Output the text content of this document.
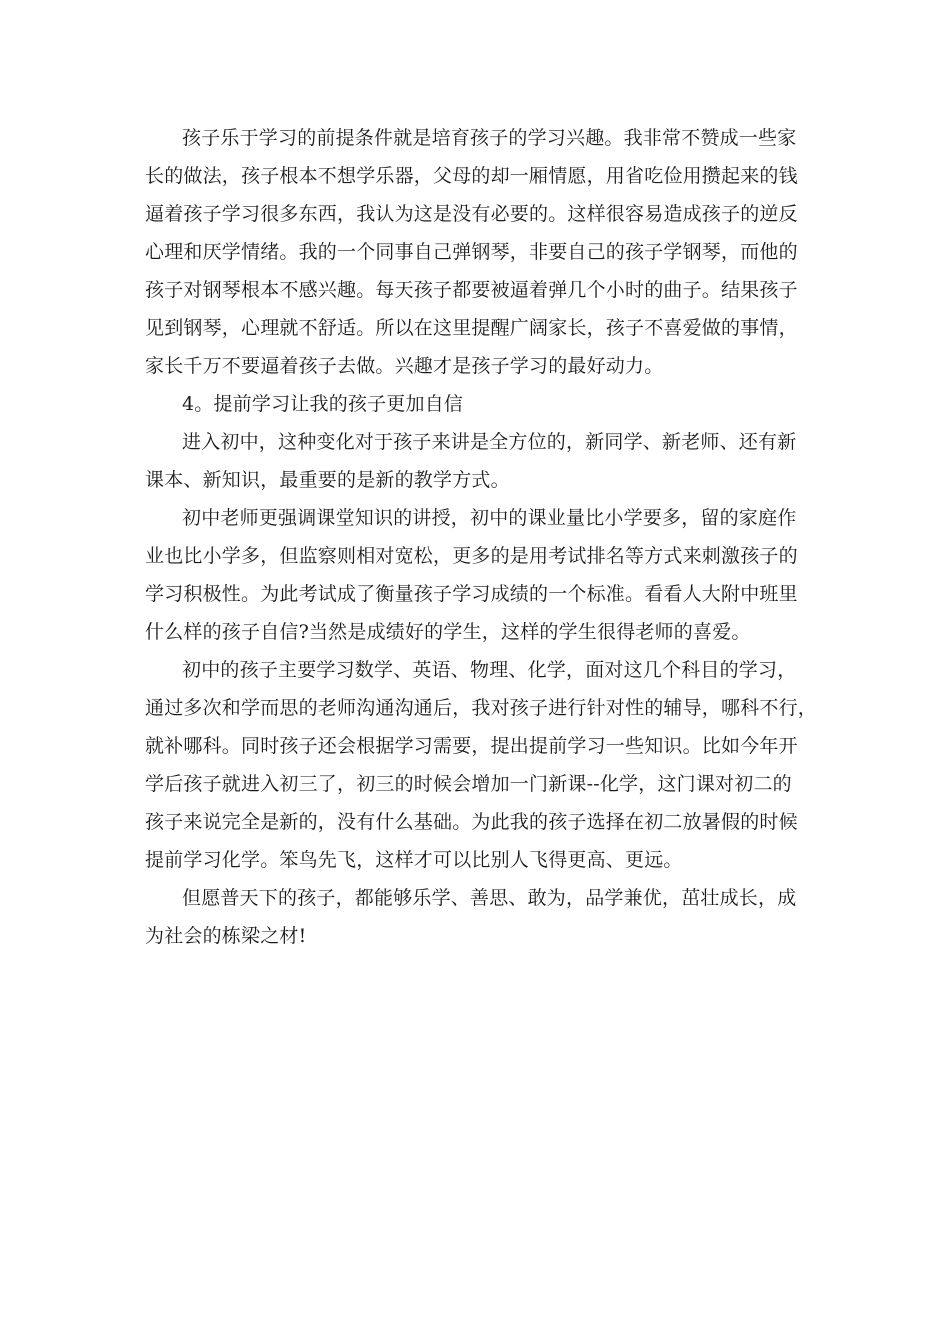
孩子乐于学习的前提条件就是培育孩子的学习兴趣。我非常不赞成一些家
长的做法，孩子根本不想学乐器，父母的却一厢情愿，用省吃俭用攒起来的钱
逼着孩子学习很多东西，我认为这是没有必要的。这样很容易造成孩子的逆反
心理和厌学情绪。我的一个同事自己弹钢琴，非要自己的孩子学钢琴，而他的
孩子对钢琴根本不感兴趣。每天孩子都要被逼着弹几个小时的曲子。结果孩子
见到钢琴，心理就不舒适。所以在这里提醒广阔家长，孩子不喜爱做的事情，
家长千万不要逼着孩子去做。兴趣才是孩子学习的最好动力。
4。提前学习让我的孩子更加自信
进入初中，这种变化对于孩子来讲是全方位的，新同学、新老师、还有新
课本、新知识，最重要的是新的教学方式。
初中老师更强调课堂知识的讲授，初中的课业量比小学要多，留的家庭作
业也比小学多，但监察则相对宽松，更多的是用考试排名等方式来刺激孩子的
学习积极性。为此考试成了衡量孩子学习成绩的一个标准。看看人大附中班里
什么样的孩子自信?当然是成绩好的学生，这样的学生很得老师的喜爱。
初中的孩子主要学习数学、英语、物理、化学，面对这几个科目的学习，
通过多次和学而思的老师沟通沟通后，我对孩子进行针对性的辅导，哪科不行，
就补哪科。同时孩子还会根据学习需要，提出提前学习一些知识。比如今年开
学后孩子就进入初三了，初三的时候会增加一门新课--化学，这门课对初二的
孩子来说完全是新的，没有什么基础。为此我的孩子选择在初二放暑假的时候
提前学习化学。笨鸟先飞，这样才可以比别人飞得更高、更远。
但愿普天下的孩子，都能够乐学、善思、敢为，品学兼优，茁壮成长，成
为社会的栋梁之材!
